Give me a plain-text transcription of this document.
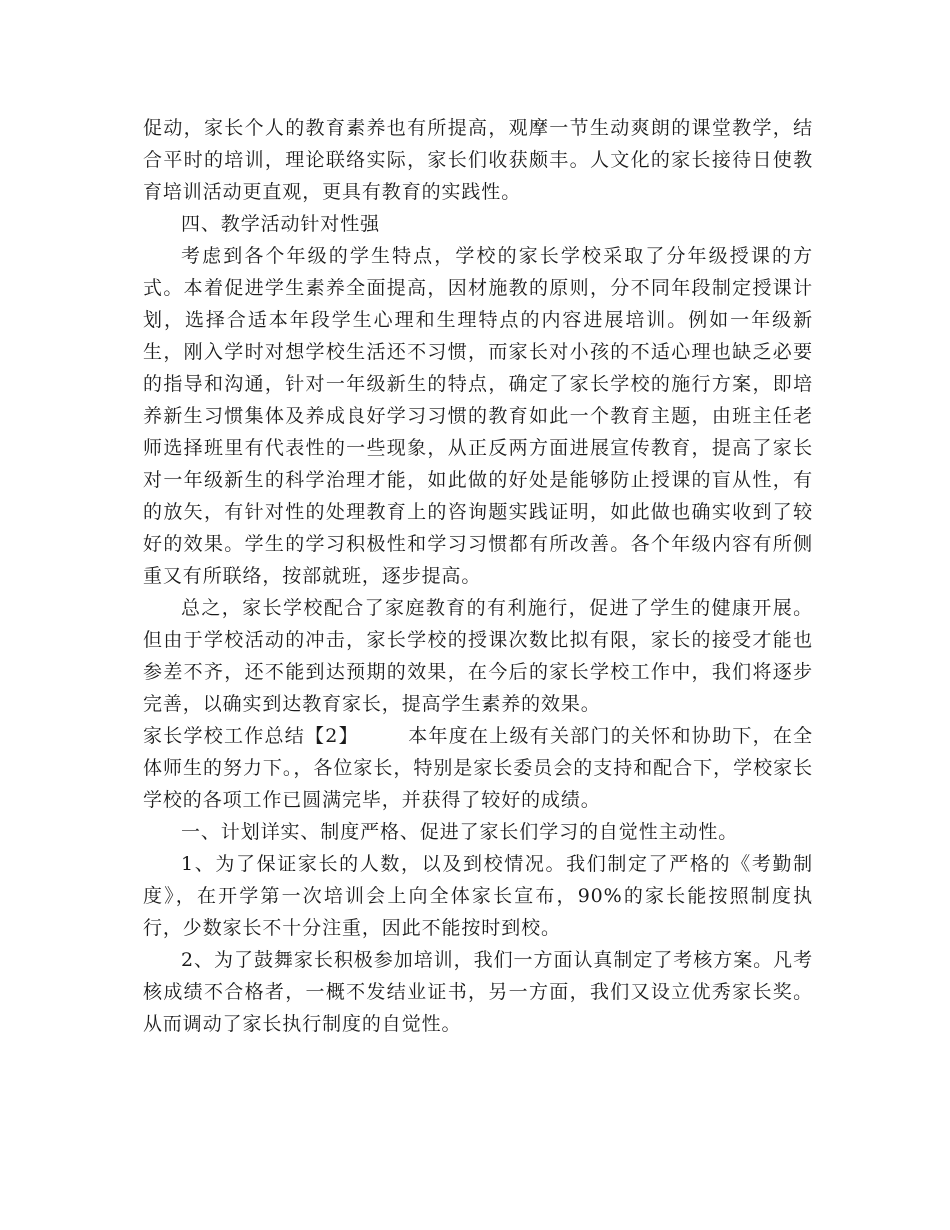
促动，家长个人的教育素养也有所提高，观摩一节生动爽朗的课堂教学，结合平时的培训，理论联络实际，家长们收获颇丰。人文化的家长接待日使教育培训活动更直观，更具有教育的实践性。

四、教学活动针对性强

考虑到各个年级的学生特点，学校的家长学校采取了分年级授课的方式。本着促进学生素养全面提高，因材施教的原则，分不同年段制定授课计划，选择合适本年段学生心理和生理特点的内容进展培训。例如一年级新生，刚入学时对想学校生活还不习惯，而家长对小孩的不适心理也缺乏必要的指导和沟通，针对一年级新生的特点，确定了家长学校的施行方案，即培养新生习惯集体及养成良好学习习惯的教育如此一个教育主题，由班主任老师选择班里有代表性的一些现象，从正反两方面进展宣传教育，提高了家长对一年级新生的科学治理才能，如此做的好处是能够防止授课的盲从性，有的放矢，有针对性的处理教育上的咨询题实践证明，如此做也确实收到了较好的效果。学生的学习积极性和学习习惯都有所改善。各个年级内容有所侧重又有所联络，按部就班，逐步提高。

总之，家长学校配合了家庭教育的有利施行，促进了学生的健康开展。但由于学校活动的冲击，家长学校的授课次数比拟有限，家长的接受才能也参差不齐，还不能到达预期的效果，在今后的家长学校工作中，我们将逐步完善，以确实到达教育家长，提高学生素养的效果。

家长学校工作总结【2】	本年度在上级有关部门的关怀和协助下，在全体师生的努力下。，各位家长，特别是家长委员会的支持和配合下，学校家长学校的各项工作已圆满完毕，并获得了较好的成绩。

一、计划详实、制度严格、促进了家长们学习的自觉性主动性。

1、为了保证家长的人数，以及到校情况。我们制定了严格的《考勤制度》，在开学第一次培训会上向全体家长宣布，90%的家长能按照制度执行，少数家长不十分注重，因此不能按时到校。

2、为了鼓舞家长积极参加培训，我们一方面认真制定了考核方案。凡考核成绩不合格者，一概不发结业证书，另一方面，我们又设立优秀家长奖。从而调动了家长执行制度的自觉性。
